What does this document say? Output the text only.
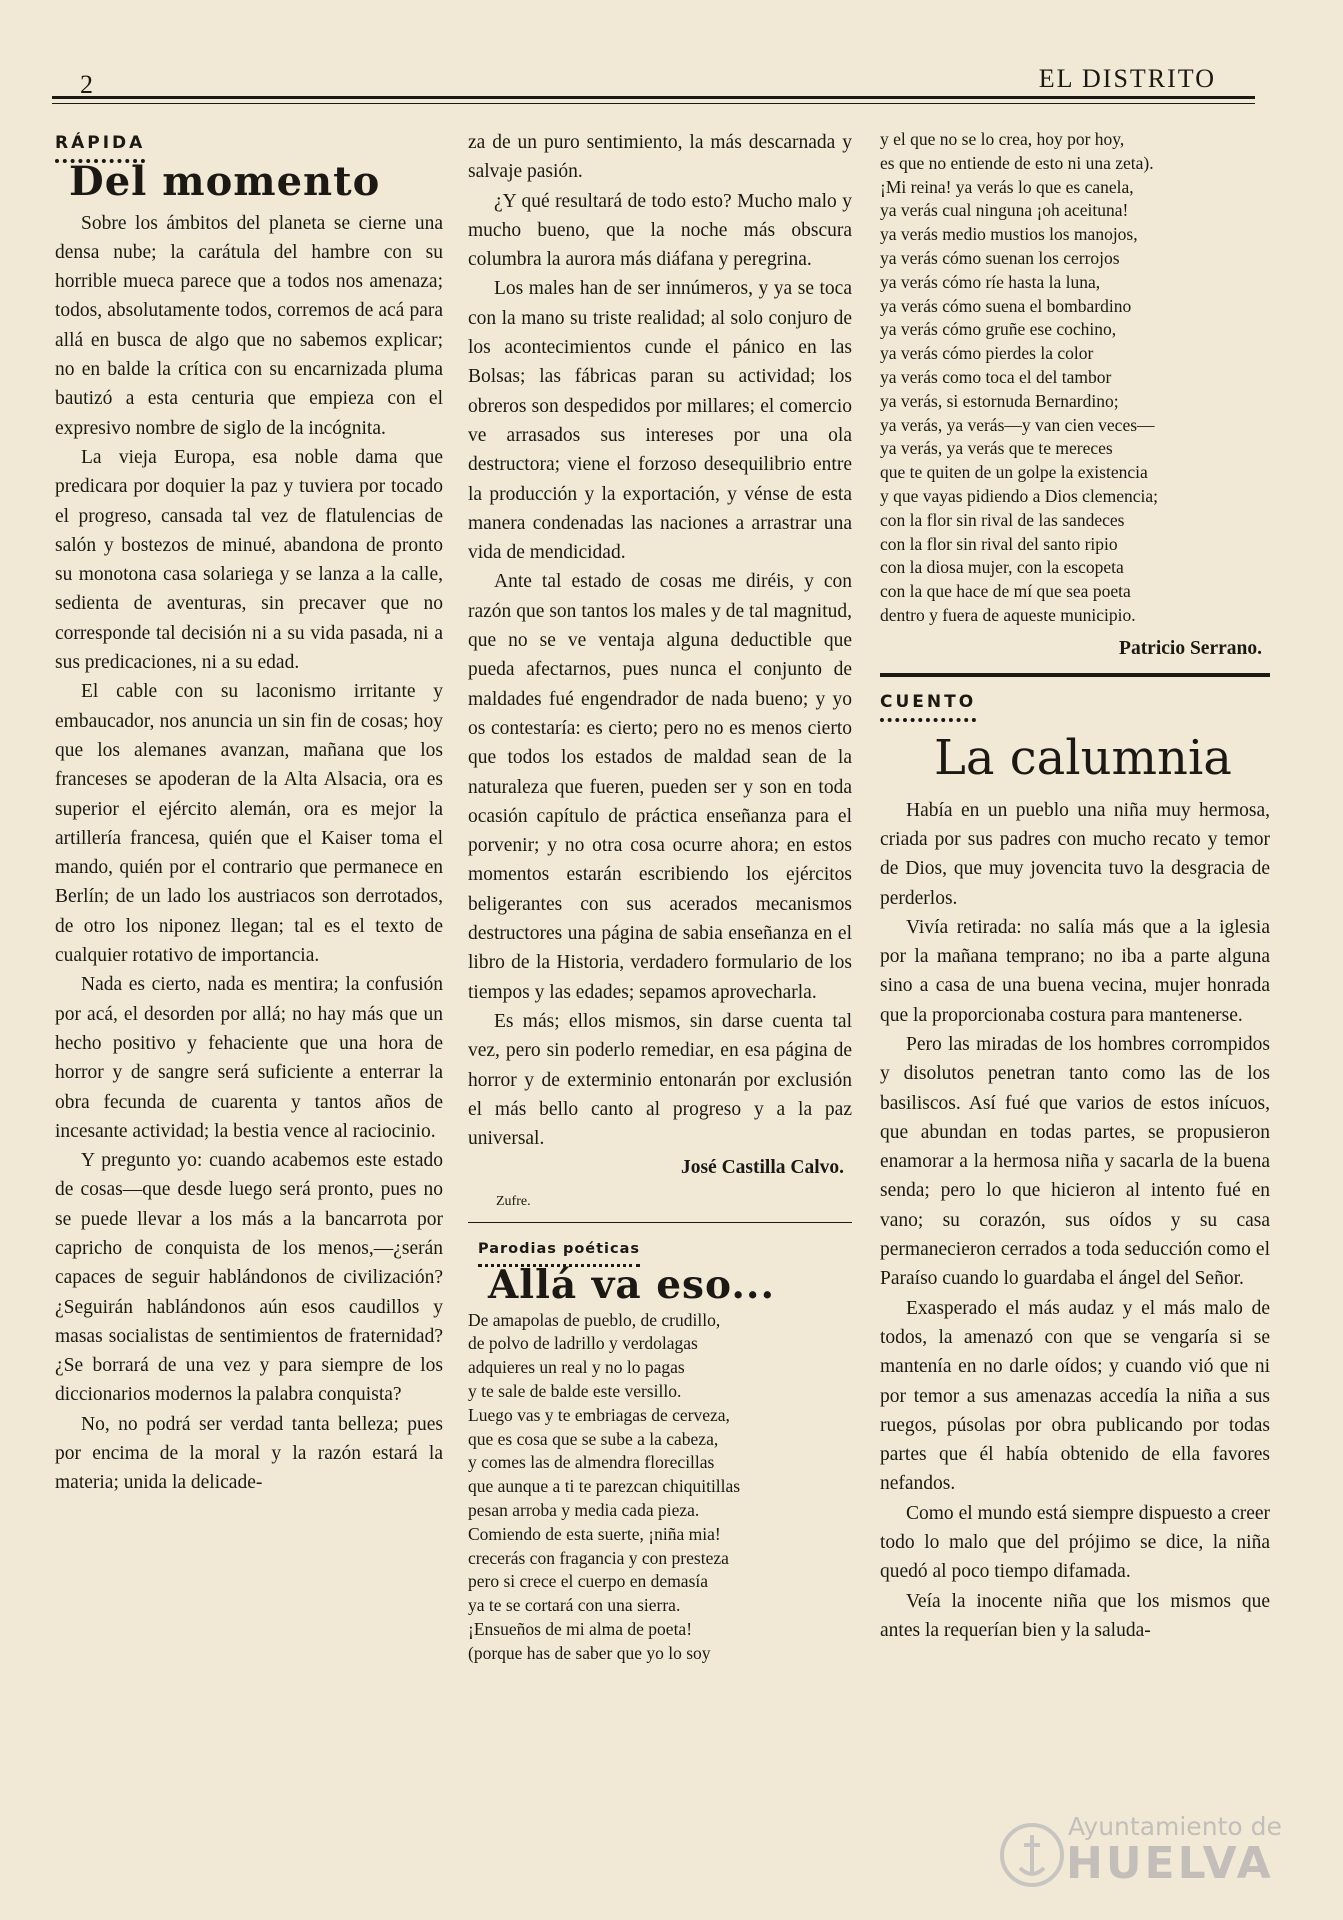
2	EL DISTRITO
RÁPIDA
Del momento

Sobre los ámbitos del planeta se cierne una densa nube; la carátula del hambre con su horrible mueca parece que a todos nos amenaza; todos, absolutamente todos, corremos de acá para allá en busca de algo que no sabemos explicar; no en balde la crítica con su encarnizada pluma bautizó a esta centuria que empieza con el expresivo nombre de siglo de la incógnita.

La vieja Europa, esa noble dama que predicara por doquier la paz y tuviera por tocado el progreso, cansada tal vez de flatulencias de salón y bostezos de minué, abandona de pronto su monotona casa solariega y se lanza a la calle, sedienta de aventuras, sin precaver que no corresponde tal decisión ni a su vida pasada, ni a sus predicaciones, ni a su edad.

El cable con su laconismo irritante y embaucador, nos anuncia un sin fin de cosas; hoy que los alemanes avanzan, mañana que los franceses se apoderan de la Alta Alsacia, ora es superior el ejército alemán, ora es mejor la artillería francesa, quién que el Kaiser toma el mando, quién por el contrario que permanece en Berlín; de un lado los austriacos son derrotados, de otro los niponez llegan; tal es el texto de cualquier rotativo de importancia.

Nada es cierto, nada es mentira; la confusión por acá, el desorden por allá; no hay más que un hecho positivo y fehaciente que una hora de horror y de sangre será suficiente a enterrar la obra fecunda de cuarenta y tantos años de incesante actividad; la bestia vence al raciocinio.

Y pregunto yo: cuando acabemos este estado de cosas—que desde luego será pronto, pues no se puede llevar a los más a la bancarrota por capricho de conquista de los menos,—¿serán capaces de seguir hablándonos de civilización? ¿Seguirán hablándonos aún esos caudillos y masas socialistas de sentimientos de fraternidad? ¿Se borrará de una vez y para siempre de los diccionarios modernos la palabra conquista?

No, no podrá ser verdad tanta belleza; pues por encima de la moral y la razón estará la materia; unida la delicade-

za de un puro sentimiento, la más descarnada y salvaje pasión.

¿Y qué resultará de todo esto? Mucho malo y mucho bueno, que la noche más obscura columbra la aurora más diáfana y peregrina.

Los males han de ser innúmeros, y ya se toca con la mano su triste realidad; al solo conjuro de los acontecimientos cunde el pánico en las Bolsas; las fábricas paran su actividad; los obreros son despedidos por millares; el comercio ve arrasados sus intereses por una ola destructora; viene el forzoso desequilibrio entre la producción y la exportación, y vénse de esta manera condenadas las naciones a arrastrar una vida de mendicidad.

Ante tal estado de cosas me diréis, y con razón que son tantos los males y de tal magnitud, que no se ve ventaja alguna deductible que pueda afectarnos, pues nunca el conjunto de maldades fué engendrador de nada bueno; y yo os contestaría: es cierto; pero no es menos cierto que todos los estados de maldad sean de la naturaleza que fueren, pueden ser y son en toda ocasión capítulo de práctica enseñanza para el porvenir; y no otra cosa ocurre ahora; en estos momentos estarán escribiendo los ejércitos beligerantes con sus acerados mecanismos destructores una página de sabia enseñanza en el libro de la Historia, verdadero formulario de los tiempos y las edades; sepamos aprovecharla.

Es más; ellos mismos, sin darse cuenta tal vez, pero sin poderlo remediar, en esa página de horror y de exterminio entonarán por exclusión el más bello canto al progreso y a la paz universal.

José Castilla Calvo.

Zufre.
Parodias poéticas
Allá va eso...
De amapolas de pueblo, de crudillo,
de polvo de ladrillo y verdolagas
adquieres un real y no lo pagas
y te sale de balde este versillo.
Luego vas y te embriagas de cerveza,
que es cosa que se sube a la cabeza,
y comes las de almendra florecillas
que aunque a ti te parezcan chiquitillas
pesan arroba y media cada pieza.
Comiendo de esta suerte, ¡niña mia!
crecerás con fragancia y con presteza
pero si crece el cuerpo en demasía
ya te se cortará con una sierra.
¡Ensueños de mi alma de poeta!
(porque has de saber que yo lo soy
y el que no se lo crea, hoy por hoy,
es que no entiende de esto ni una zeta).
¡Mi reina! ya verás lo que es canela,
ya verás cual ninguna ¡oh aceituna!
ya verás medio mustios los manojos,
ya verás cómo suenan los cerrojos
ya verás cómo ríe hasta la luna,
ya verás cómo suena el bombardino
ya verás cómo gruñe ese cochino,
ya verás cómo pierdes la color
ya verás como toca el del tambor
ya verás, si estornuda Bernardino;
ya verás, ya verás—y van cien veces—
ya verás, ya verás que te mereces
que te quiten de un golpe la existencia
y que vayas pidiendo a Dios clemencia;
con la flor sin rival de las sandeces
con la flor sin rival del santo ripio
con la diosa mujer, con la escopeta
con la que hace de mí que sea poeta
dentro y fuera de aqueste municipio.

Patricio Serrano.

CUENTO
La calumnia

Había en un pueblo una niña muy hermosa, criada por sus padres con mucho recato y temor de Dios, que muy jovencita tuvo la desgracia de perderlos.

Vivía retirada: no salía más que a la iglesia por la mañana temprano; no iba a parte alguna sino a casa de una buena vecina, mujer honrada que la proporcionaba costura para mantenerse.

Pero las miradas de los hombres corrompidos y disolutos penetran tanto como las de los basiliscos. Así fué que varios de estos inícuos, que abundan en todas partes, se propusieron enamorar a la hermosa niña y sacarla de la buena senda; pero lo que hicieron al intento fué en vano; su corazón, sus oídos y su casa permanecieron cerrados a toda seducción como el Paraíso cuando lo guardaba el ángel del Señor.

Exasperado el más audaz y el más malo de todos, la amenazó con que se vengaría si se mantenía en no darle oídos; y cuando vió que ni por temor a sus amenazas accedía la niña a sus ruegos, púsolas por obra publicando por todas partes que él había obtenido de ella favores nefandos.

Como el mundo está siempre dispuesto a creer todo lo malo que del prójimo se dice, la niña quedó al poco tiempo difamada.

Veía la inocente niña que los mismos que antes la requerían bien y la saluda-

Ayuntamiento de
HUELVA
